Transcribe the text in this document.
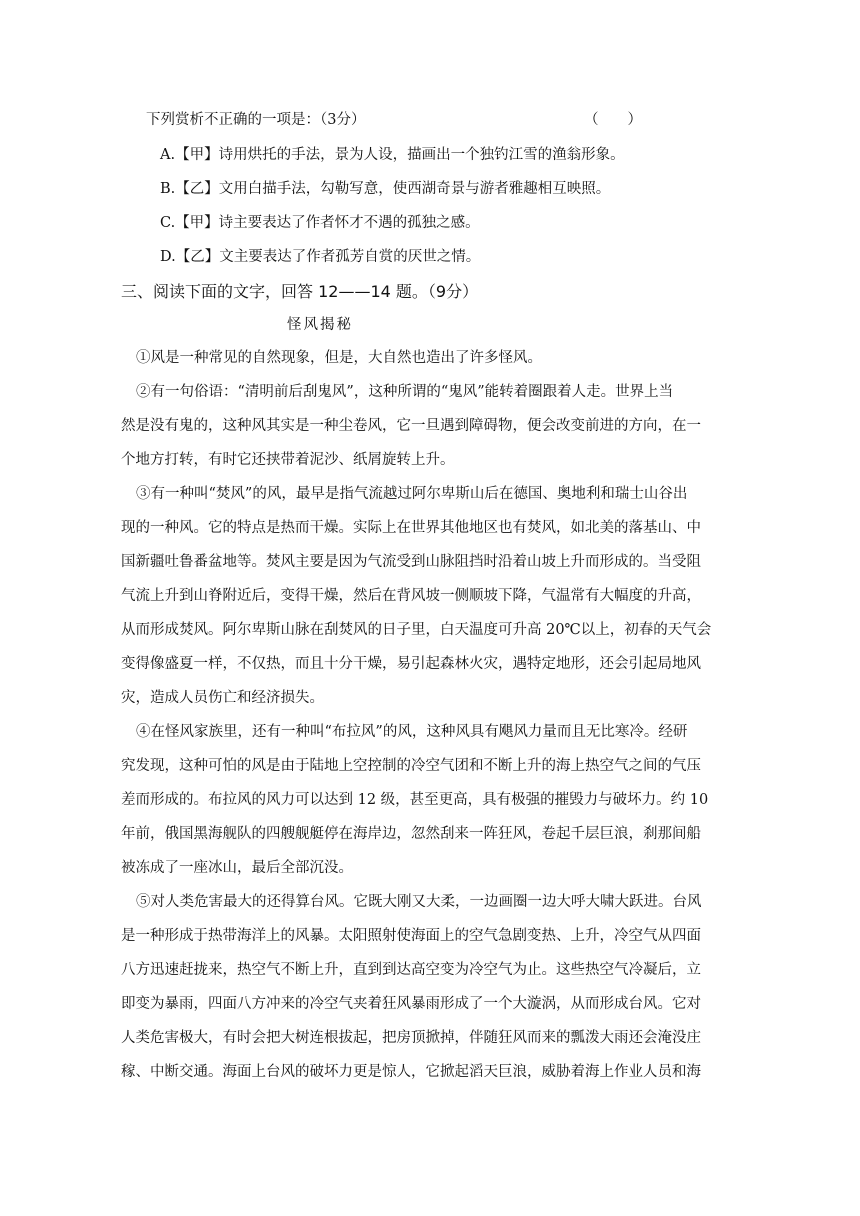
下列赏析不正确的一项是：（3分）	（　　）
A.【甲】诗用烘托的手法，景为人设，描画出一个独钓江雪的渔翁形象。
B.【乙】文用白描手法，勾勒写意，使西湖奇景与游者雅趣相互映照。
C.【甲】诗主要表达了作者怀才不遇的孤独之感。
D.【乙】文主要表达了作者孤芳自赏的厌世之情。
三、阅读下面的文字，回答 12——14 题。（9分）
怪风揭秘
①风是一种常见的自然现象，但是，大自然也造出了许多怪风。
②有一句俗语：“清明前后刮鬼风”，这种所谓的“鬼风”能转着圈跟着人走。世界上当
然是没有鬼的，这种风其实是一种尘卷风，它一旦遇到障碍物，便会改变前进的方向，在一
个地方打转，有时它还挟带着泥沙、纸屑旋转上升。
③有一种叫“焚风”的风，最早是指气流越过阿尔卑斯山后在德国、奥地利和瑞士山谷出
现的一种风。它的特点是热而干燥。实际上在世界其他地区也有焚风，如北美的落基山、中
国新疆吐鲁番盆地等。焚风主要是因为气流受到山脉阻挡时沿着山坡上升而形成的。当受阻
气流上升到山脊附近后，变得干燥，然后在背风坡一侧顺坡下降，气温常有大幅度的升高，
从而形成焚风。阿尔卑斯山脉在刮焚风的日子里，白天温度可升高 20℃以上，初春的天气会
变得像盛夏一样，不仅热，而且十分干燥，易引起森林火灾，遇特定地形，还会引起局地风
灾，造成人员伤亡和经济损失。
④在怪风家族里，还有一种叫“布拉风”的风，这种风具有飓风力量而且无比寒冷。经研
究发现，这种可怕的风是由于陆地上空控制的冷空气团和不断上升的海上热空气之间的气压
差而形成的。布拉风的风力可以达到 12 级，甚至更高，具有极强的摧毁力与破坏力。约 10
年前，俄国黑海舰队的四艘舰艇停在海岸边，忽然刮来一阵狂风，卷起千层巨浪，刹那间船
被冻成了一座冰山，最后全部沉没。
⑤对人类危害最大的还得算台风。它既大刚又大柔，一边画圈一边大呼大啸大跃进。台风
是一种形成于热带海洋上的风暴。太阳照射使海面上的空气急剧变热、上升，冷空气从四面
八方迅速赶拢来，热空气不断上升，直到到达高空变为冷空气为止。这些热空气冷凝后，立
即变为暴雨，四面八方冲来的冷空气夹着狂风暴雨形成了一个大漩涡，从而形成台风。它对
人类危害极大，有时会把大树连根拔起，把房顶掀掉，伴随狂风而来的瓢泼大雨还会淹没庄
稼、中断交通。海面上台风的破坏力更是惊人，它掀起滔天巨浪，威胁着海上作业人员和海
